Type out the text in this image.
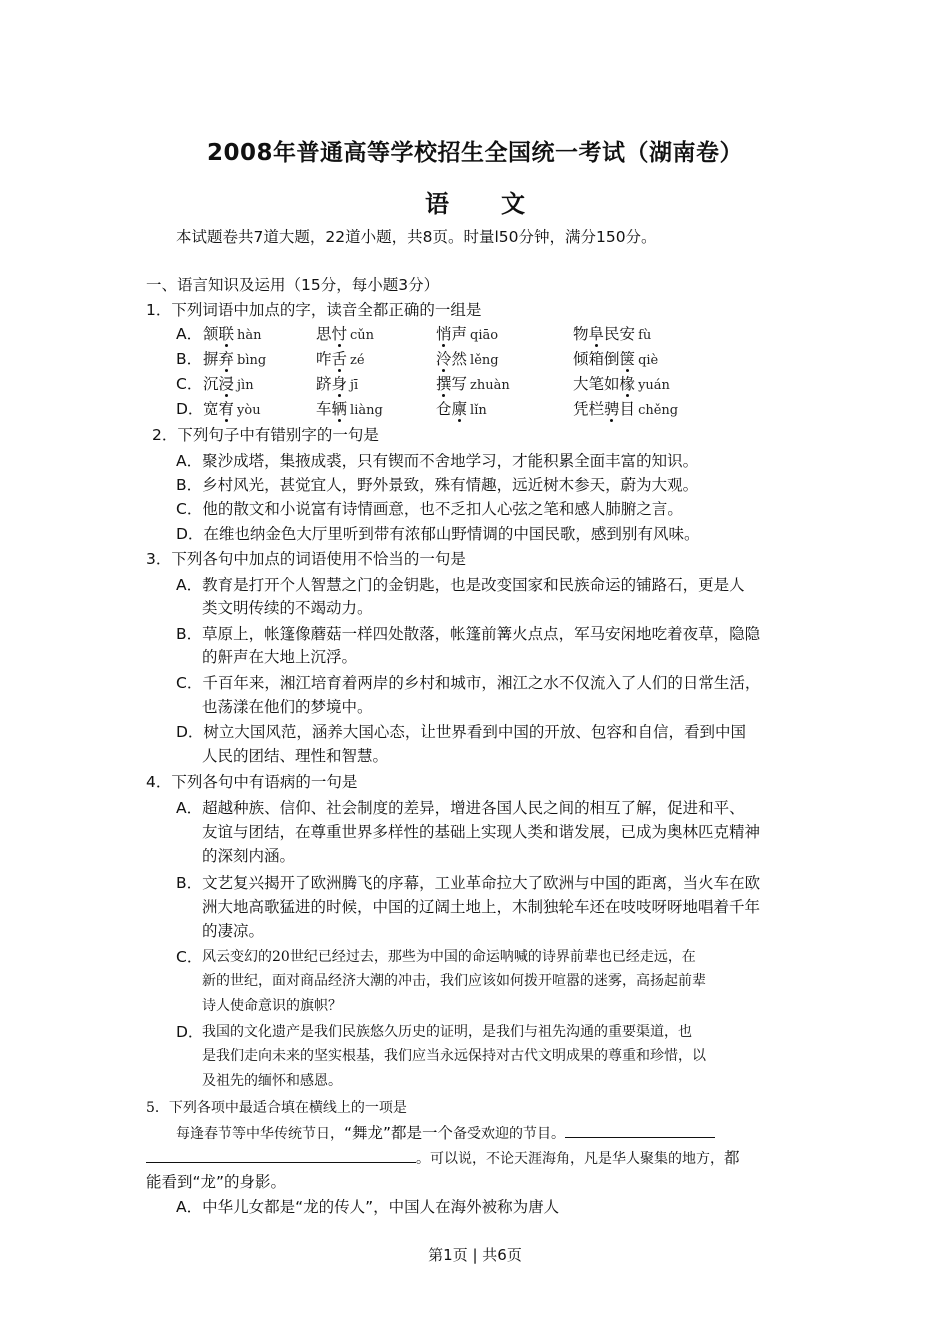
2008年普通高等学校招生全国统一考试（湖南卷）
语文
本试题卷共7道大题，22道小题，共8页。时量l50分钟，满分150分。
一、语言知识及运用（15分，每小题3分）
1．下列词语中加点的字，读音全都正确的一组是
A． 颔联 hàn	思忖 cǔn	悄声 qiāo	物阜民安 fù
B． 摒弃 bìng	咋舌 zé	泠然 lěng	倾箱倒箧 qiè
C． 沉浸 jìn	跻身 jī	撰写 zhuàn	大笔如椽 yuán
D． 宽宥 yòu	车辆 liàng	仓廪 lǐn	凭栏骋目 chěng
2．下列句子中有错别字的一句是
A．聚沙成塔，集掖成裘，只有锲而不舍地学习，才能积累全面丰富的知识。
B．乡村风光，甚觉宜人，野外景致，殊有情趣，远近树木参天，蔚为大观。
C．他的散文和小说富有诗情画意，也不乏扣人心弦之笔和感人肺腑之言。
D．在维也纳金色大厅里听到带有浓郁山野情调的中国民歌，感到别有风味。
3．下列各句中加点的词语使用不恰当的一句是
A．教育是打开个人智慧之门的金钥匙，也是改变国家和民族命运的铺路石，更是人
类文明传续的不竭动力。
B．草原上，帐篷像蘑菇一样四处散落，帐篷前篝火点点，军马安闲地吃着夜草，隐隐
的鼾声在大地上沉浮。
C．千百年来，湘江培育着两岸的乡村和城市，湘江之水不仅流入了人们的日常生活，
也荡漾在他们的梦境中。
D．树立大国风范，涵养大国心态，让世界看到中国的开放、包容和自信，看到中国
人民的团结、理性和智慧。
4．下列各句中有语病的一句是
A．超越种族、信仰、社会制度的差异，增进各国人民之间的相互了解，促进和平、
友谊与团结，在尊重世界多样性的基础上实现人类和谐发展，已成为奥林匹克精神
的深刻内涵。
B．文艺复兴揭开了欧洲腾飞的序幕，工业革命拉大了欧洲与中国的距离，当火车在欧
洲大地高歌猛进的时候，中国的辽阔土地上，木制独轮车还在吱吱呀呀地唱着千年
的凄凉。
C． 风云变幻的20世纪已经过去，那些为中国的命运呐喊的诗界前辈也已经走远，在
新的世纪，面对商品经济大潮的冲击，我们应该如何拨开喧嚣的迷雾，高扬起前辈
诗人使命意识的旗帜？
D．
我国的文化遗产是我们民族悠久历史的证明，是我们与祖先沟通的重要渠道，也
是我们走向未来的坚实根基，我们应当永远保持对古代文明成果的尊重和珍惜，以
及祖先的缅怀和感恩。
5．下列各项中最适合填在横线上的一项是
每逢春节等中华传统节日，“舞龙”都是一个备受欢迎的节目。
。可以说，不论天涯海角，凡是华人聚集的地方，都
能看到“龙”的身影。
A．中华儿女都是“龙的传人”，中国人在海外被称为唐人
第1页 | 共6页
